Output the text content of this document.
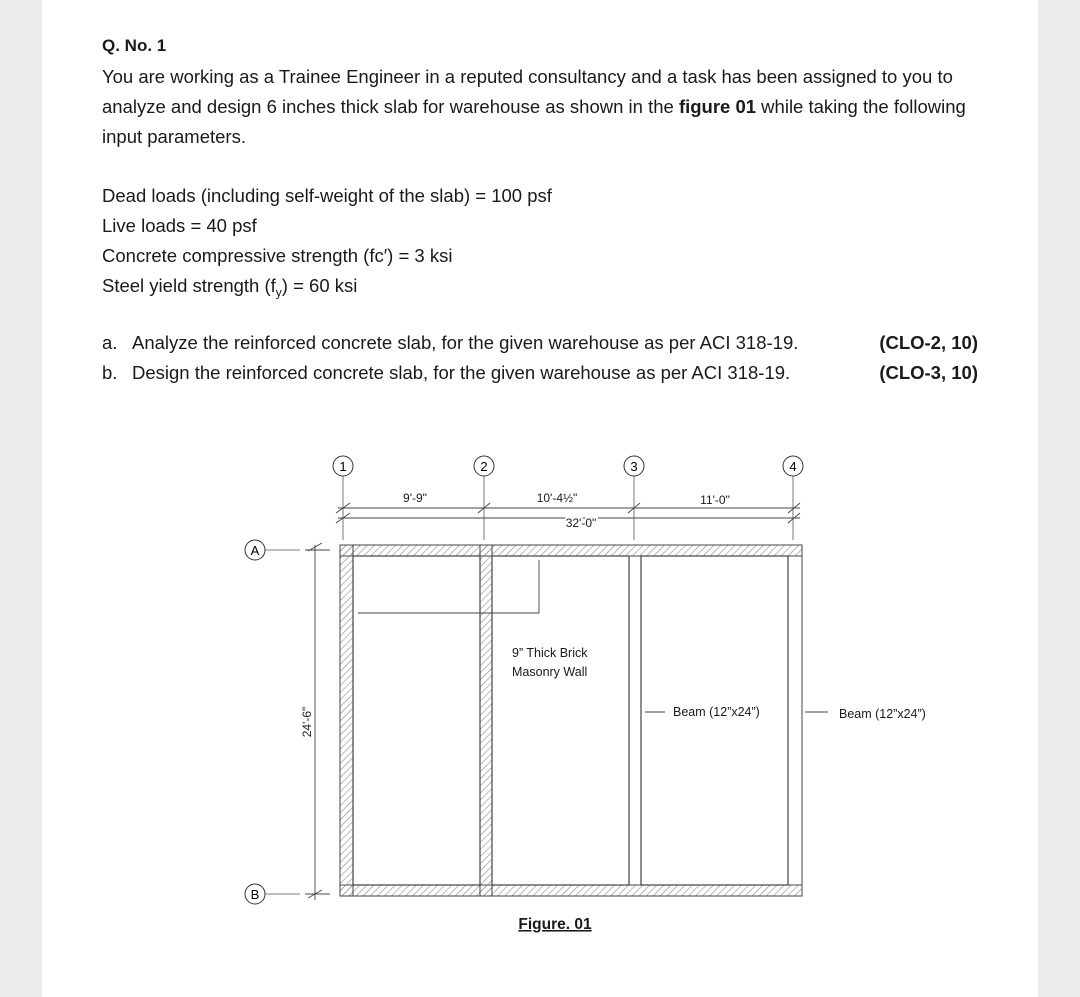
Q. No. 1
You are working as a Trainee Engineer in a reputed consultancy and a task has been assigned to you to analyze and design 6 inches thick slab for warehouse as shown in the figure 01 while taking the following input parameters.
Dead loads (including self-weight of the slab) = 100 psf
Live loads = 40 psf
Concrete compressive strength (fc′) = 3 ksi
Steel yield strength $(f_y) = 60$ ksi
a. Analyze the reinforced concrete slab, for the given warehouse as per ACI 318-19.	(CLO-2, 10)
b. Design the reinforced concrete slab, for the given warehouse as per ACI 318-19.	(CLO-3, 10)
1	2	3	4
A
B
9'-9"	10'-4½"	11'-0"
32'-0"
24'-6"
9” Thick Brick
Masonry Wall
Beam (12”x24”)	Beam (12”x24”)
Figure. 01
